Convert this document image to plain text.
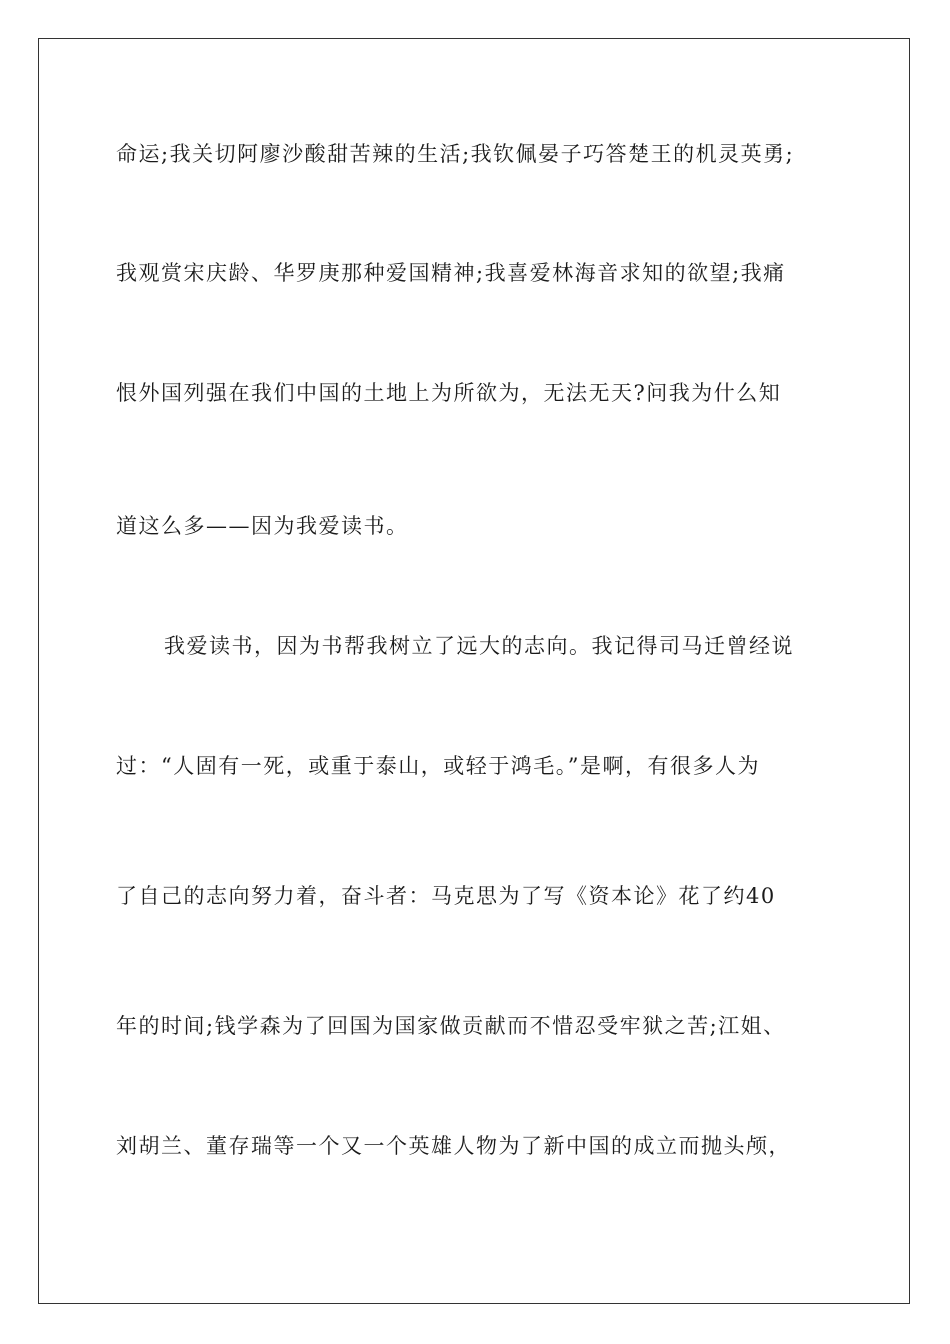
命运;我关切阿廖沙酸甜苦辣的生活;我钦佩晏子巧答楚王的机灵英勇;
我观赏宋庆龄、华罗庚那种爱国精神;我喜爱林海音求知的欲望;我痛
恨外国列强在我们中国的土地上为所欲为，无法无天?问我为什么知
道这么多——因为我爱读书。
我爱读书，因为书帮我树立了远大的志向。我记得司马迁曾经说
过：“人固有一死，或重于泰山，或轻于鸿毛。”是啊，有很多人为
了自己的志向努力着，奋斗者：马克思为了写《资本论》花了约40
年的时间;钱学森为了回国为国家做贡献而不惜忍受牢狱之苦;江姐、
刘胡兰、董存瑞等一个又一个英雄人物为了新中国的成立而抛头颅，
